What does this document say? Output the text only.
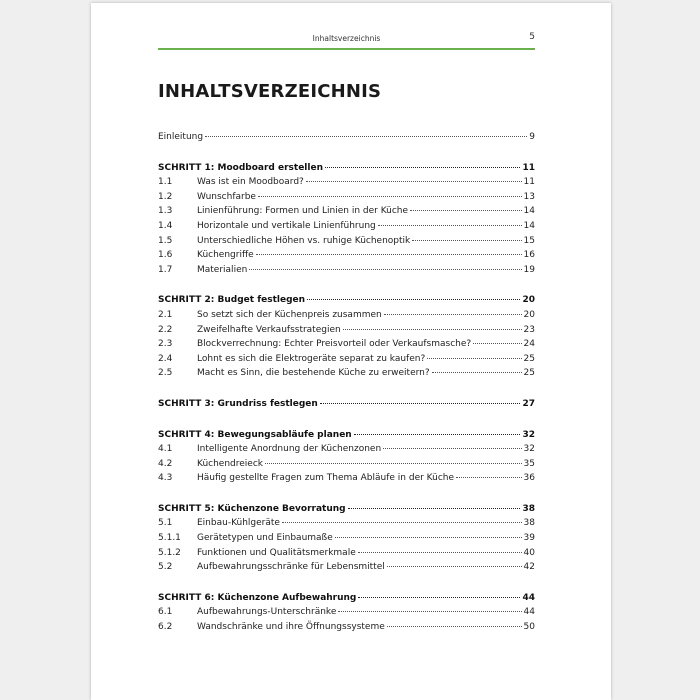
Inhaltsverzeichnis	5
INHALTSVERZEICHNIS
Einleitung	9
SCHRITT 1: Moodboard erstellen	11
1.1	Was ist ein Moodboard?	11
1.2	Wunschfarbe	13
1.3	Linienführung: Formen und Linien in der Küche	14
1.4	Horizontale und vertikale Linienführung	14
1.5	Unterschiedliche Höhen vs. ruhige Küchenoptik	15
1.6	Küchengriffe	16
1.7	Materialien	19
SCHRITT 2: Budget festlegen	20
2.1	So setzt sich der Küchenpreis zusammen	20
2.2	Zweifelhafte Verkaufsstrategien	23
2.3	Blockverrechnung: Echter Preisvorteil oder Verkaufsmasche?	24
2.4	Lohnt es sich die Elektrogeräte separat zu kaufen?	25
2.5	Macht es Sinn, die bestehende Küche zu erweitern?	25
SCHRITT 3: Grundriss festlegen	27
SCHRITT 4: Bewegungsabläufe planen	32
4.1	Intelligente Anordnung der Küchenzonen	32
4.2	Küchendreieck	35
4.3	Häufig gestellte Fragen zum Thema Abläufe in der Küche	36
SCHRITT 5: Küchenzone Bevorratung	38
5.1	Einbau-Kühlgeräte	38
5.1.1	Gerätetypen und Einbaumaße	39
5.1.2	Funktionen und Qualitätsmerkmale	40
5.2	Aufbewahrungsschränke für Lebensmittel	42
SCHRITT 6: Küchenzone Aufbewahrung	44
6.1	Aufbewahrungs-Unterschränke	44
6.2	Wandschränke und ihre Öffnungssysteme	50
